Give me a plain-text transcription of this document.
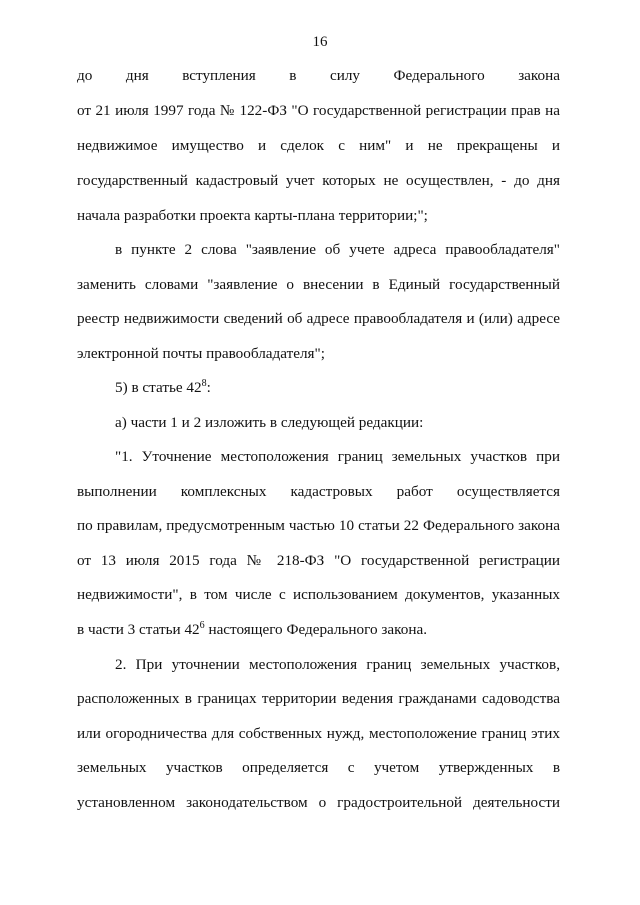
16
до дня вступления в силу Федерального закона
от 21 июля 1997 года № 122-ФЗ "О государственной регистрации прав на
недвижимое имущество и сделок с ним" и не прекращены и
государственный кадастровый учет которых не осуществлен, - до дня
начала разработки проекта карты-плана территории;";
в пункте 2 слова "заявление об учете адреса правообладателя"
заменить словами "заявление о внесении в Единый государственный
реестр недвижимости сведений об адресе правообладателя и (или) адресе
электронной почты правообладателя";
5) в статье $42^8$:
а) части 1 и 2 изложить в следующей редакции:
"1. Уточнение местоположения границ земельных участков при
выполнении комплексных кадастровых работ осуществляется
по правилам, предусмотренным частью 10 статьи 22 Федерального закона
от 13 июля 2015 года № 218-ФЗ "О государственной регистрации
недвижимости", в том числе с использованием документов, указанных
в части 3 статьи $42^6$ настоящего Федерального закона.
2. При уточнении местоположения границ земельных участков,
расположенных в границах территории ведения гражданами садоводства
или огородничества для собственных нужд, местоположение границ этих
земельных участков определяется с учетом утвержденных в
установленном законодательством о градостроительной деятельности
